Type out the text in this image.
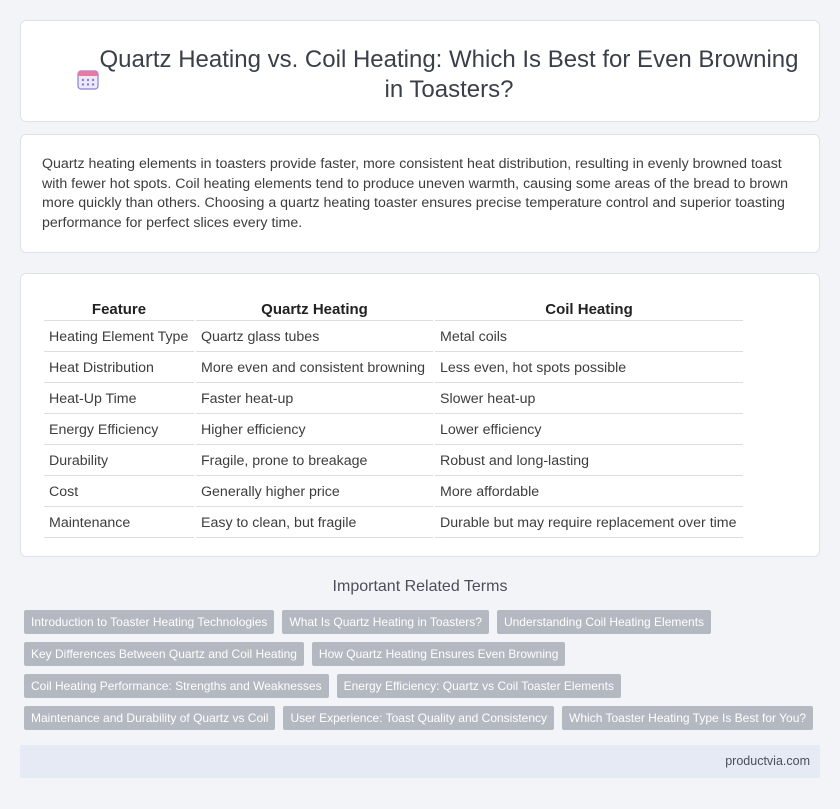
Quartz Heating vs. Coil Heating: Which Is Best for Even Browning in Toasters?

Quartz heating elements in toasters provide faster, more consistent heat distribution, resulting in evenly browned toast with fewer hot spots. Coil heating elements tend to produce uneven warmth, causing some areas of the bread to brown more quickly than others. Choosing a quartz heating toaster ensures precise temperature control and superior toasting performance for perfect slices every time.

Feature	Quartz Heating	Coil Heating
Heating Element Type	Quartz glass tubes	Metal coils
Heat Distribution	More even and consistent browning	Less even, hot spots possible
Heat-Up Time	Faster heat-up	Slower heat-up
Energy Efficiency	Higher efficiency	Lower efficiency
Durability	Fragile, prone to breakage	Robust and long-lasting
Cost	Generally higher price	More affordable
Maintenance	Easy to clean, but fragile	Durable but may require replacement over time
Important Related Terms
Introduction to Toaster Heating Technologies	What Is Quartz Heating in Toasters?	Understanding Coil Heating Elements
Key Differences Between Quartz and Coil Heating	How Quartz Heating Ensures Even Browning
Coil Heating Performance: Strengths and Weaknesses	Energy Efficiency: Quartz vs Coil Toaster Elements
Maintenance and Durability of Quartz vs Coil	User Experience: Toast Quality and Consistency	Which Toaster Heating Type Is Best for You?
productvia.com
